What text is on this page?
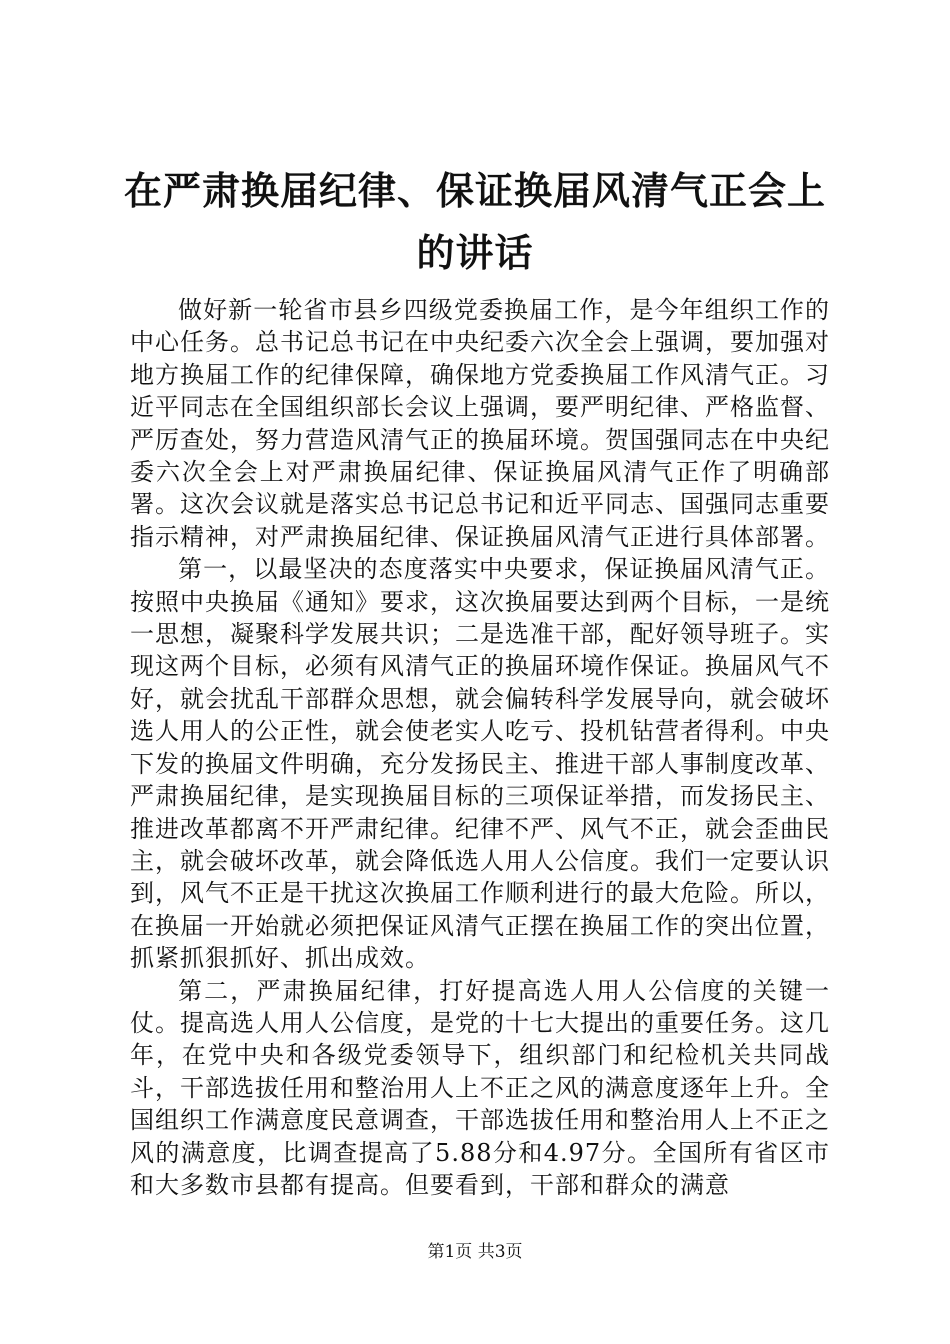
在严肃换届纪律、保证换届风清气正会上的讲话

做好新一轮省市县乡四级党委换届工作，是今年组织工作的中心任务。总书记总书记在中央纪委六次全会上强调，要加强对地方换届工作的纪律保障，确保地方党委换届工作风清气正。习近平同志在全国组织部长会议上强调，要严明纪律、严格监督、严厉查处，努力营造风清气正的换届环境。贺国强同志在中央纪委六次全会上对严肃换届纪律、保证换届风清气正作了明确部署。这次会议就是落实总书记总书记和近平同志、国强同志重要指示精神，对严肃换届纪律、保证换届风清气正进行具体部署。

第一，以最坚决的态度落实中央要求，保证换届风清气正。按照中央换届《通知》要求，这次换届要达到两个目标，一是统一思想，凝聚科学发展共识；二是选准干部，配好领导班子。实现这两个目标，必须有风清气正的换届环境作保证。换届风气不好，就会扰乱干部群众思想，就会偏转科学发展导向，就会破坏选人用人的公正性，就会使老实人吃亏、投机钻营者得利。中央下发的换届文件明确，充分发扬民主、推进干部人事制度改革、严肃换届纪律，是实现换届目标的三项保证举措，而发扬民主、推进改革都离不开严肃纪律。纪律不严、风气不正，就会歪曲民主，就会破坏改革，就会降低选人用人公信度。我们一定要认识到，风气不正是干扰这次换届工作顺利进行的最大危险。所以，在换届一开始就必须把保证风清气正摆在换届工作的突出位置，抓紧抓狠抓好、抓出成效。

第二，严肃换届纪律，打好提高选人用人公信度的关键一仗。提高选人用人公信度，是党的十七大提出的重要任务。这几年，在党中央和各级党委领导下，组织部门和纪检机关共同战斗，干部选拔任用和整治用人上不正之风的满意度逐年上升。全国组织工作满意度民意调查，干部选拔任用和整治用人上不正之风的满意度，比调查提高了5.88分和4.97分。全国所有省区市和大多数市县都有提高。但要看到，干部和群众的满意

第1页 共3页
